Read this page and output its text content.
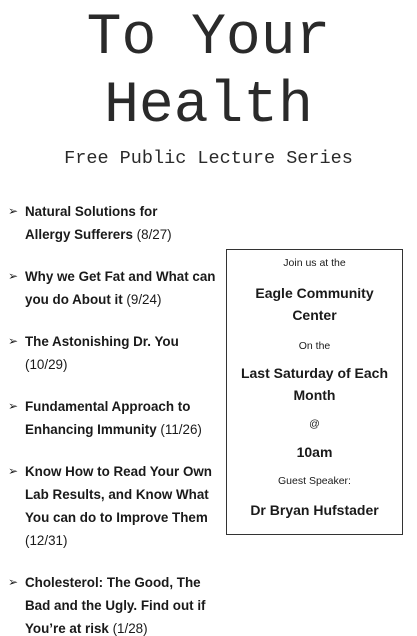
To Your
Health
Free Public Lecture Series
➢ Natural Solutions for Allergy Sufferers (8/27)
➢ Why we Get Fat and What can you do About it (9/24)
➢ The Astonishing Dr. You (10/29)
➢ Fundamental Approach to Enhancing Immunity (11/26)
➢ Know How to Read Your Own Lab Results, and Know What You can do to Improve Them (12/31)
➢ Cholesterol: The Good, The Bad and the Ugly. Find out if You’re at risk (1/28)
Join us at the
Eagle Community
Center
On the
Last Saturday of Each
Month
@
10am
Guest Speaker:
Dr Bryan Hufstader
